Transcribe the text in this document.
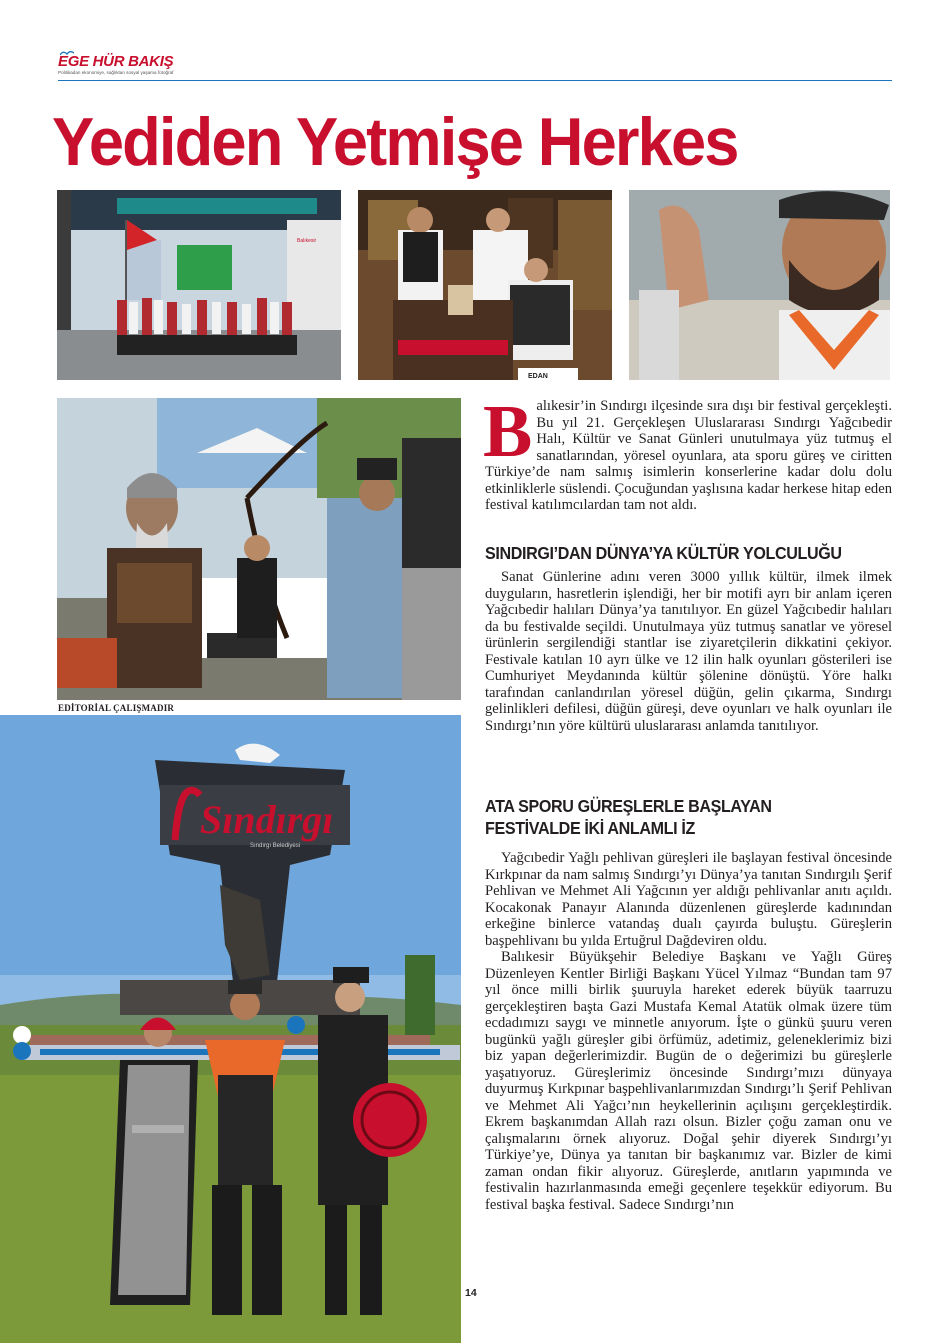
EGE HÜR BAKIŞ
Politikadan ekonomiye, sağlıktan sosyal yaşama fotoğraf
Yediden Yetmişe Herkes
Balıkesir
EDAN
EDİTORİAL ÇALIŞMADIR
Sındırgı
Sındırgı Belediyesi

Balıkesir’in Sındırgı ilçesinde sıra dışı bir festival gerçekleşti. Bu yıl 21. Gerçekleşen Uluslararası Sındırgı Yağcıbedir Halı, Kültür ve Sanat Günleri unutulmaya yüz tutmuş el sanatlarından, yöresel oyunlara, ata sporu güreş ve ciritten Türkiye’de nam salmış isimlerin konserlerine kadar dolu dolu etkinliklerle süslendi. Çocuğundan yaşlısına kadar herkese hitap eden festival katılımcılardan tam not aldı.

SINDIRGI’DAN DÜNYA’YA KÜLTÜR YOLCULUĞU

Sanat Günlerine adını veren 3000 yıllık kültür, ilmek ilmek duyguların, hasretlerin işlendiği, her bir motifi ayrı bir anlam içeren Yağcıbedir halıları Dünya’ya tanıtılıyor. En güzel Yağcıbedir halıları da bu festivalde seçildi. Unutulmaya yüz tutmuş sanatlar ve yöresel ürünlerin sergilendiği stantlar ise ziyaretçilerin dikkatini çekiyor. Festivale katılan 10 ayrı ülke ve 12 ilin halk oyunları gösterileri ise Cumhuriyet Meydanında kültür şölenine dönüştü. Yöre halkı tarafından canlandırılan yöresel düğün, gelin çıkarma, Sındırgı gelinlikleri defilesi, düğün güreşi, deve oyunları ve halk oyunları ile Sındırgı’nın yöre kültürü uluslararası anlamda tanıtılıyor.

ATA SPORU GÜREŞLERLE BAŞLAYAN
FESTİVALDE İKİ ANLAMLI İZ

Yağcıbedir Yağlı pehlivan güreşleri ile başlayan festival öncesinde Kırkpınar da nam salmış Sındırgı’yı Dünya’ya tanıtan Sındırgılı Şerif Pehlivan ve Mehmet Ali Yağcının yer aldığı pehlivanlar anıtı açıldı. Kocakonak Panayır Alanında düzenlenen güreşlerde kadınından erkeğine binlerce vatandaş dualı çayırda buluştu. Güreşlerin başpehlivanı bu yılda Ertuğrul Dağdeviren oldu.

Balıkesir Büyükşehir Belediye Başkanı ve Yağlı Güreş Düzenleyen Kentler Birliği Başkanı Yücel Yılmaz “Bundan tam 97 yıl önce milli birlik şuuruyla hareket ederek büyük taarruzu gerçekleştiren başta Gazi Mustafa Kemal Atatük olmak üzere tüm ecdadımızı saygı ve minnetle anıyorum. İşte o günkü şuuru veren bugünkü yağlı güreşler gibi örfümüz, adetimiz, geleneklerimiz bizi biz yapan değerlerimizdir. Bugün de o değerimizi bu güreşlerle yaşatıyoruz. Güreşlerimiz öncesinde Sındırgı’mızı dünyaya duyurmuş Kırkpınar başpehlivanlarımızdan Sındırgı’lı Şerif Pehlivan ve Mehmet Ali Yağcı’nın heykellerinin açılışını gerçekleştirdik. Ekrem başkanımdan Allah razı olsun. Bizler çoğu zaman onu ve çalışmalarını örnek alıyoruz. Doğal şehir diyerek Sındırgı’yı Türkiye’ye, Dünya ya tanıtan bir başkanımız var. Bizler de kimi zaman ondan fikir alıyoruz. Güreşlerde, anıtların yapımında ve festivalin hazırlanmasında emeği geçenlere teşekkür ediyorum. Bu festival başka festival. Sadece Sındırgı’nın

14
